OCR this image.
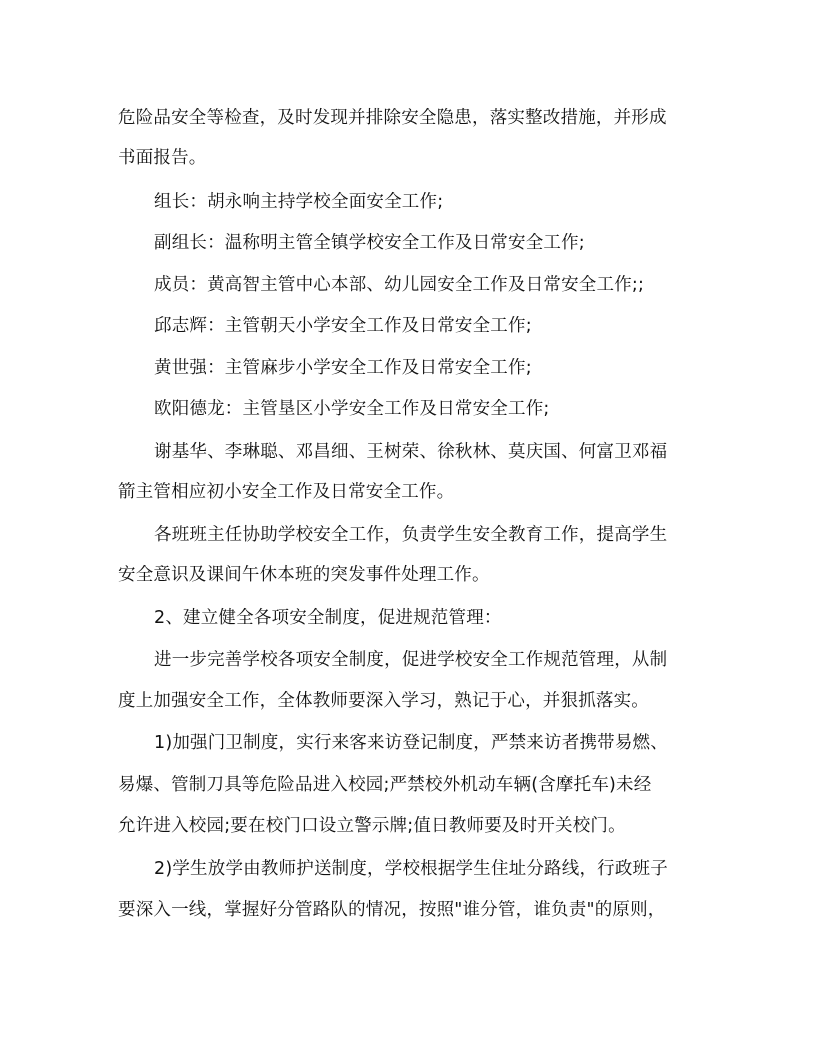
危险品安全等检查，及时发现并排除安全隐患，落实整改措施，并形成
书面报告。
组长：胡永响主持学校全面安全工作;
副组长：温称明主管全镇学校安全工作及日常安全工作;
成员：黄高智主管中心本部、幼儿园安全工作及日常安全工作;;
邱志辉：主管朝天小学安全工作及日常安全工作;
黄世强：主管麻步小学安全工作及日常安全工作;
欧阳德龙：主管垦区小学安全工作及日常安全工作;
谢基华、李琳聪、邓昌细、王树荣、徐秋林、莫庆国、何富卫邓福
箭主管相应初小安全工作及日常安全工作。
各班班主任协助学校安全工作，负责学生安全教育工作，提高学生
安全意识及课间午休本班的突发事件处理工作。
2、建立健全各项安全制度，促进规范管理：
进一步完善学校各项安全制度，促进学校安全工作规范管理，从制
度上加强安全工作，全体教师要深入学习，熟记于心，并狠抓落实。
1)加强门卫制度，实行来客来访登记制度，严禁来访者携带易燃、
易爆、管制刀具等危险品进入校园;严禁校外机动车辆(含摩托车)未经
允许进入校园;要在校门口设立警示牌;值日教师要及时开关校门。
2)学生放学由教师护送制度，学校根据学生住址分路线，行政班子
要深入一线，掌握好分管路队的情况，按照"谁分管，谁负责"的原则，
